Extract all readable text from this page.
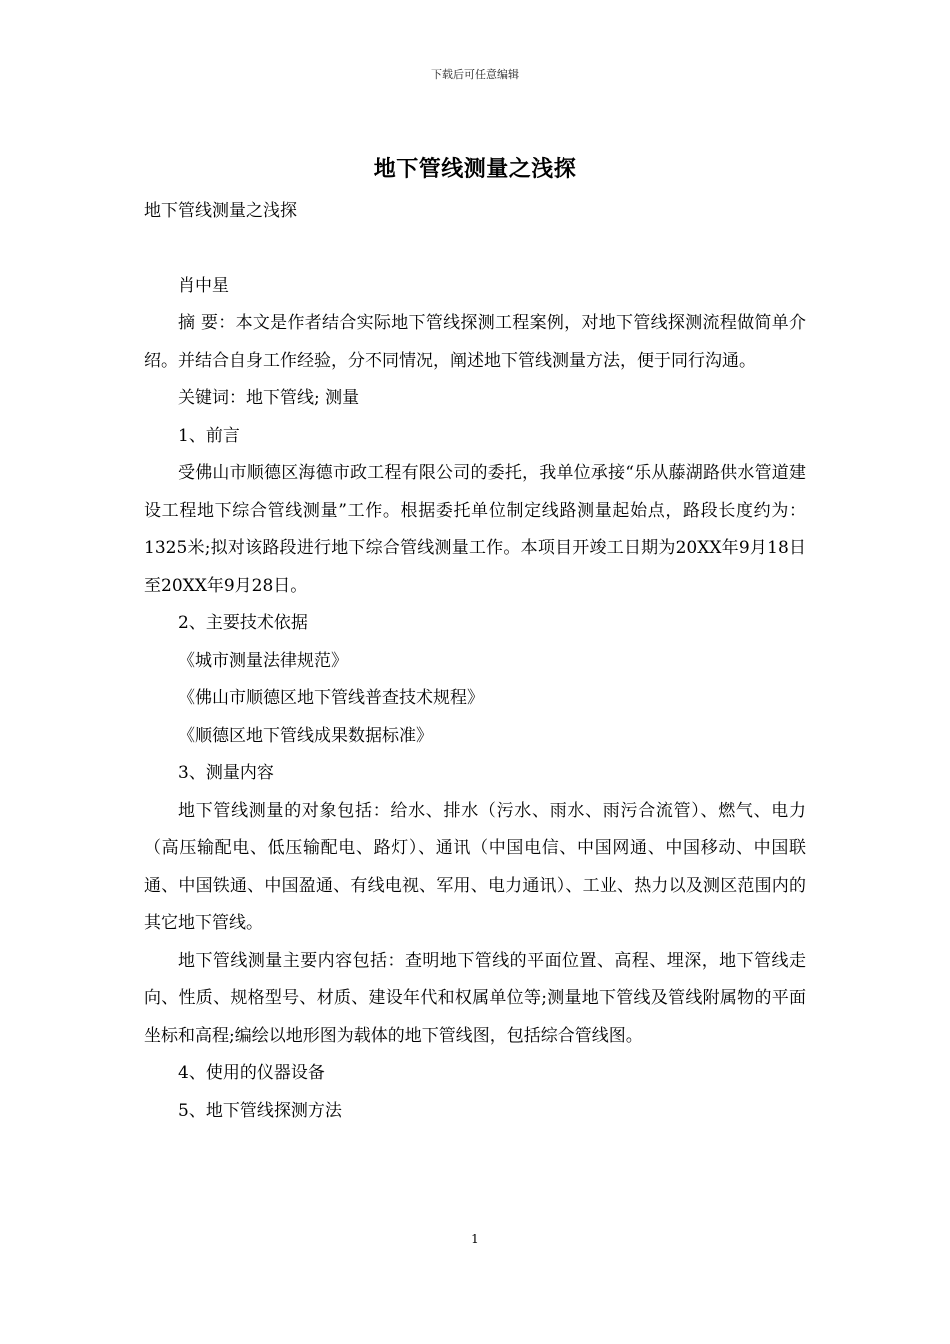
下载后可任意编辑
地下管线测量之浅探

地下管线测量之浅探

肖中星

摘 要：本文是作者结合实际地下管线探测工程案例，对地下管线探测流程做简单介绍。并结合自身工作经验，分不同情况，阐述地下管线测量方法，便于同行沟通。

关键词：地下管线; 测量

1、前言

受佛山市顺德区海德市政工程有限公司的委托，我单位承接“乐从藤湖路供水管道建设工程地下综合管线测量”工作。根据委托单位制定线路测量起始点，路段长度约为：1325米;拟对该路段进行地下综合管线测量工作。本项目开竣工日期为20XX年9月18日至20XX年9月28日。

2、主要技术依据

《城市测量法律规范》

《佛山市顺德区地下管线普查技术规程》

《顺德区地下管线成果数据标准》

3、测量内容

地下管线测量的对象包括：给水、排水（污水、雨水、雨污合流管）、燃气、电力（高压输配电、低压输配电、路灯）、通讯（中国电信、中国网通、中国移动、中国联通、中国铁通、中国盈通、有线电视、军用、电力通讯）、工业、热力以及测区范围内的其它地下管线。

地下管线测量主要内容包括：查明地下管线的平面位置、高程、埋深，地下管线走向、性质、规格型号、材质、建设年代和权属单位等;测量地下管线及管线附属物的平面坐标和高程;编绘以地形图为载体的地下管线图，包括综合管线图。

4、使用的仪器设备

5、地下管线探测方法

1
